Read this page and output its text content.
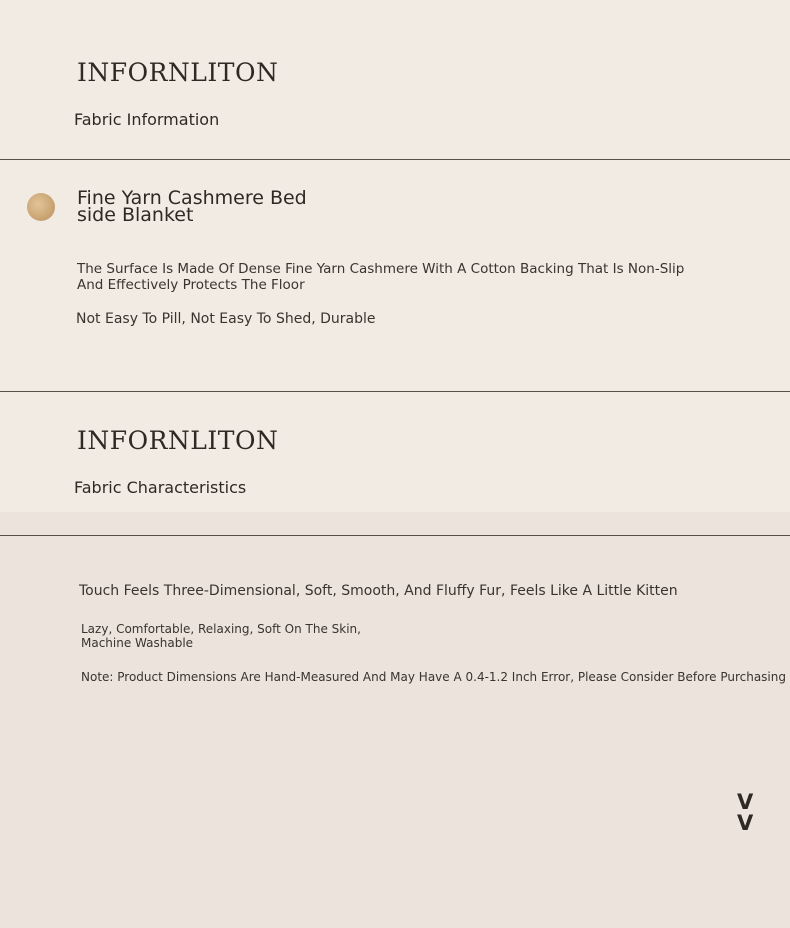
INFORNLITON
Fabric Information
Fine Yarn Cashmere Bed side Blanket
The Surface Is Made Of Dense Fine Yarn Cashmere With A Cotton Backing That Is Non-Slip And Effectively Protects The Floor
Not Easy To Pill, Not Easy To Shed, Durable
INFORNLITON
Fabric Characteristics
Touch Feels Three-Dimensional, Soft, Smooth, And Fluffy Fur, Feels Like A Little Kitten
Lazy, Comfortable, Relaxing, Soft On The Skin, Machine Washable
Note: Product Dimensions Are Hand-Measured And May Have A 0.4-1.2 Inch Error, Please Consider Before Purchasing
V
V
